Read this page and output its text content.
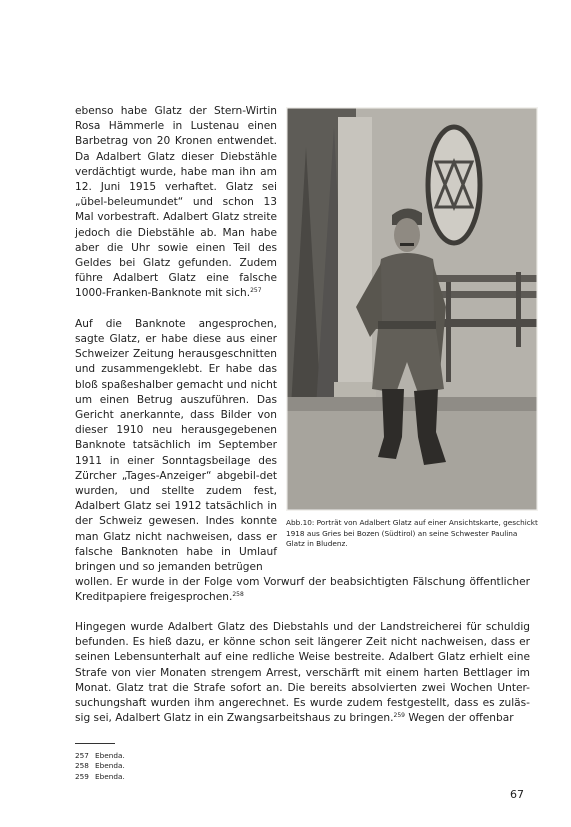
ebenso habe Glatz der Stern-Wirtin Rosa Hämmerle in Lustenau einen Barbetrag von 20 Kronen entwendet. Da Adalbert Glatz dieser Diebstähle verdächtigt wurde, habe man ihn am 12. Juni 1915 verhaftet. Glatz sei „übel-beleumundet“ und schon 13 Mal vorbestraft. Adalbert Glatz streite jedoch die Diebstähle ab. Man habe aber die Uhr sowie einen Teil des Geldes bei Glatz gefunden. Zudem führe Adalbert Glatz eine falsche 1000-Franken-Banknote mit sich.$^{257}$

Auf die Banknote angesprochen, sagte Glatz, er habe diese aus einer Schweizer Zeitung herausgeschnitten und zusammengeklebt. Er habe das bloß spaßeshalber gemacht und nicht um einen Betrug auszuführen. Das Gericht anerkannte, dass Bilder von dieser 1910 neu herausgegebenen Banknote tatsächlich im September 1911 in einer Sonntagsbeilage des Zürcher „Tages-Anzeiger“ abgebil-det wurden, und stellte zudem fest, Adalbert Glatz sei 1912 tatsächlich in der Schweiz gewesen. Indes konnte man Glatz nicht nachweisen, dass er falsche Banknoten habe in Umlauf bringen und so jemanden betrügen

Abb.10: Porträt von Adalbert Glatz auf einer Ansichtskarte, geschickt 1918 aus Gries bei Bozen (Südtirol) an seine Schwester Paulina Glatz in Bludenz.

wollen. Er wurde in der Folge vom Vorwurf der beabsichtigten Fälschung öffentlicher Kreditpapiere freigesprochen.$^{258}$

Hingegen wurde Adalbert Glatz des Diebstahls und der Landstreicherei für schuldig befunden. Es hieß dazu, er könne schon seit längerer Zeit nicht nachweisen, dass er seinen Lebensunterhalt auf eine redliche Weise bestreite. Adalbert Glatz erhielt eine Strafe von vier Monaten strengem Arrest, verschärft mit einem harten Bettlager im Monat. Glatz trat die Strafe sofort an. Die bereits absolvierten zwei Wochen Unter-suchungshaft wurden ihm angerechnet. Es wurde zudem festgestellt, dass es zuläs-sig sei, Adalbert Glatz in ein Zwangsarbeitshaus zu bringen.$^{259}$ Wegen der offenbar

257 Ebenda.
258 Ebenda.
259 Ebenda.
67
